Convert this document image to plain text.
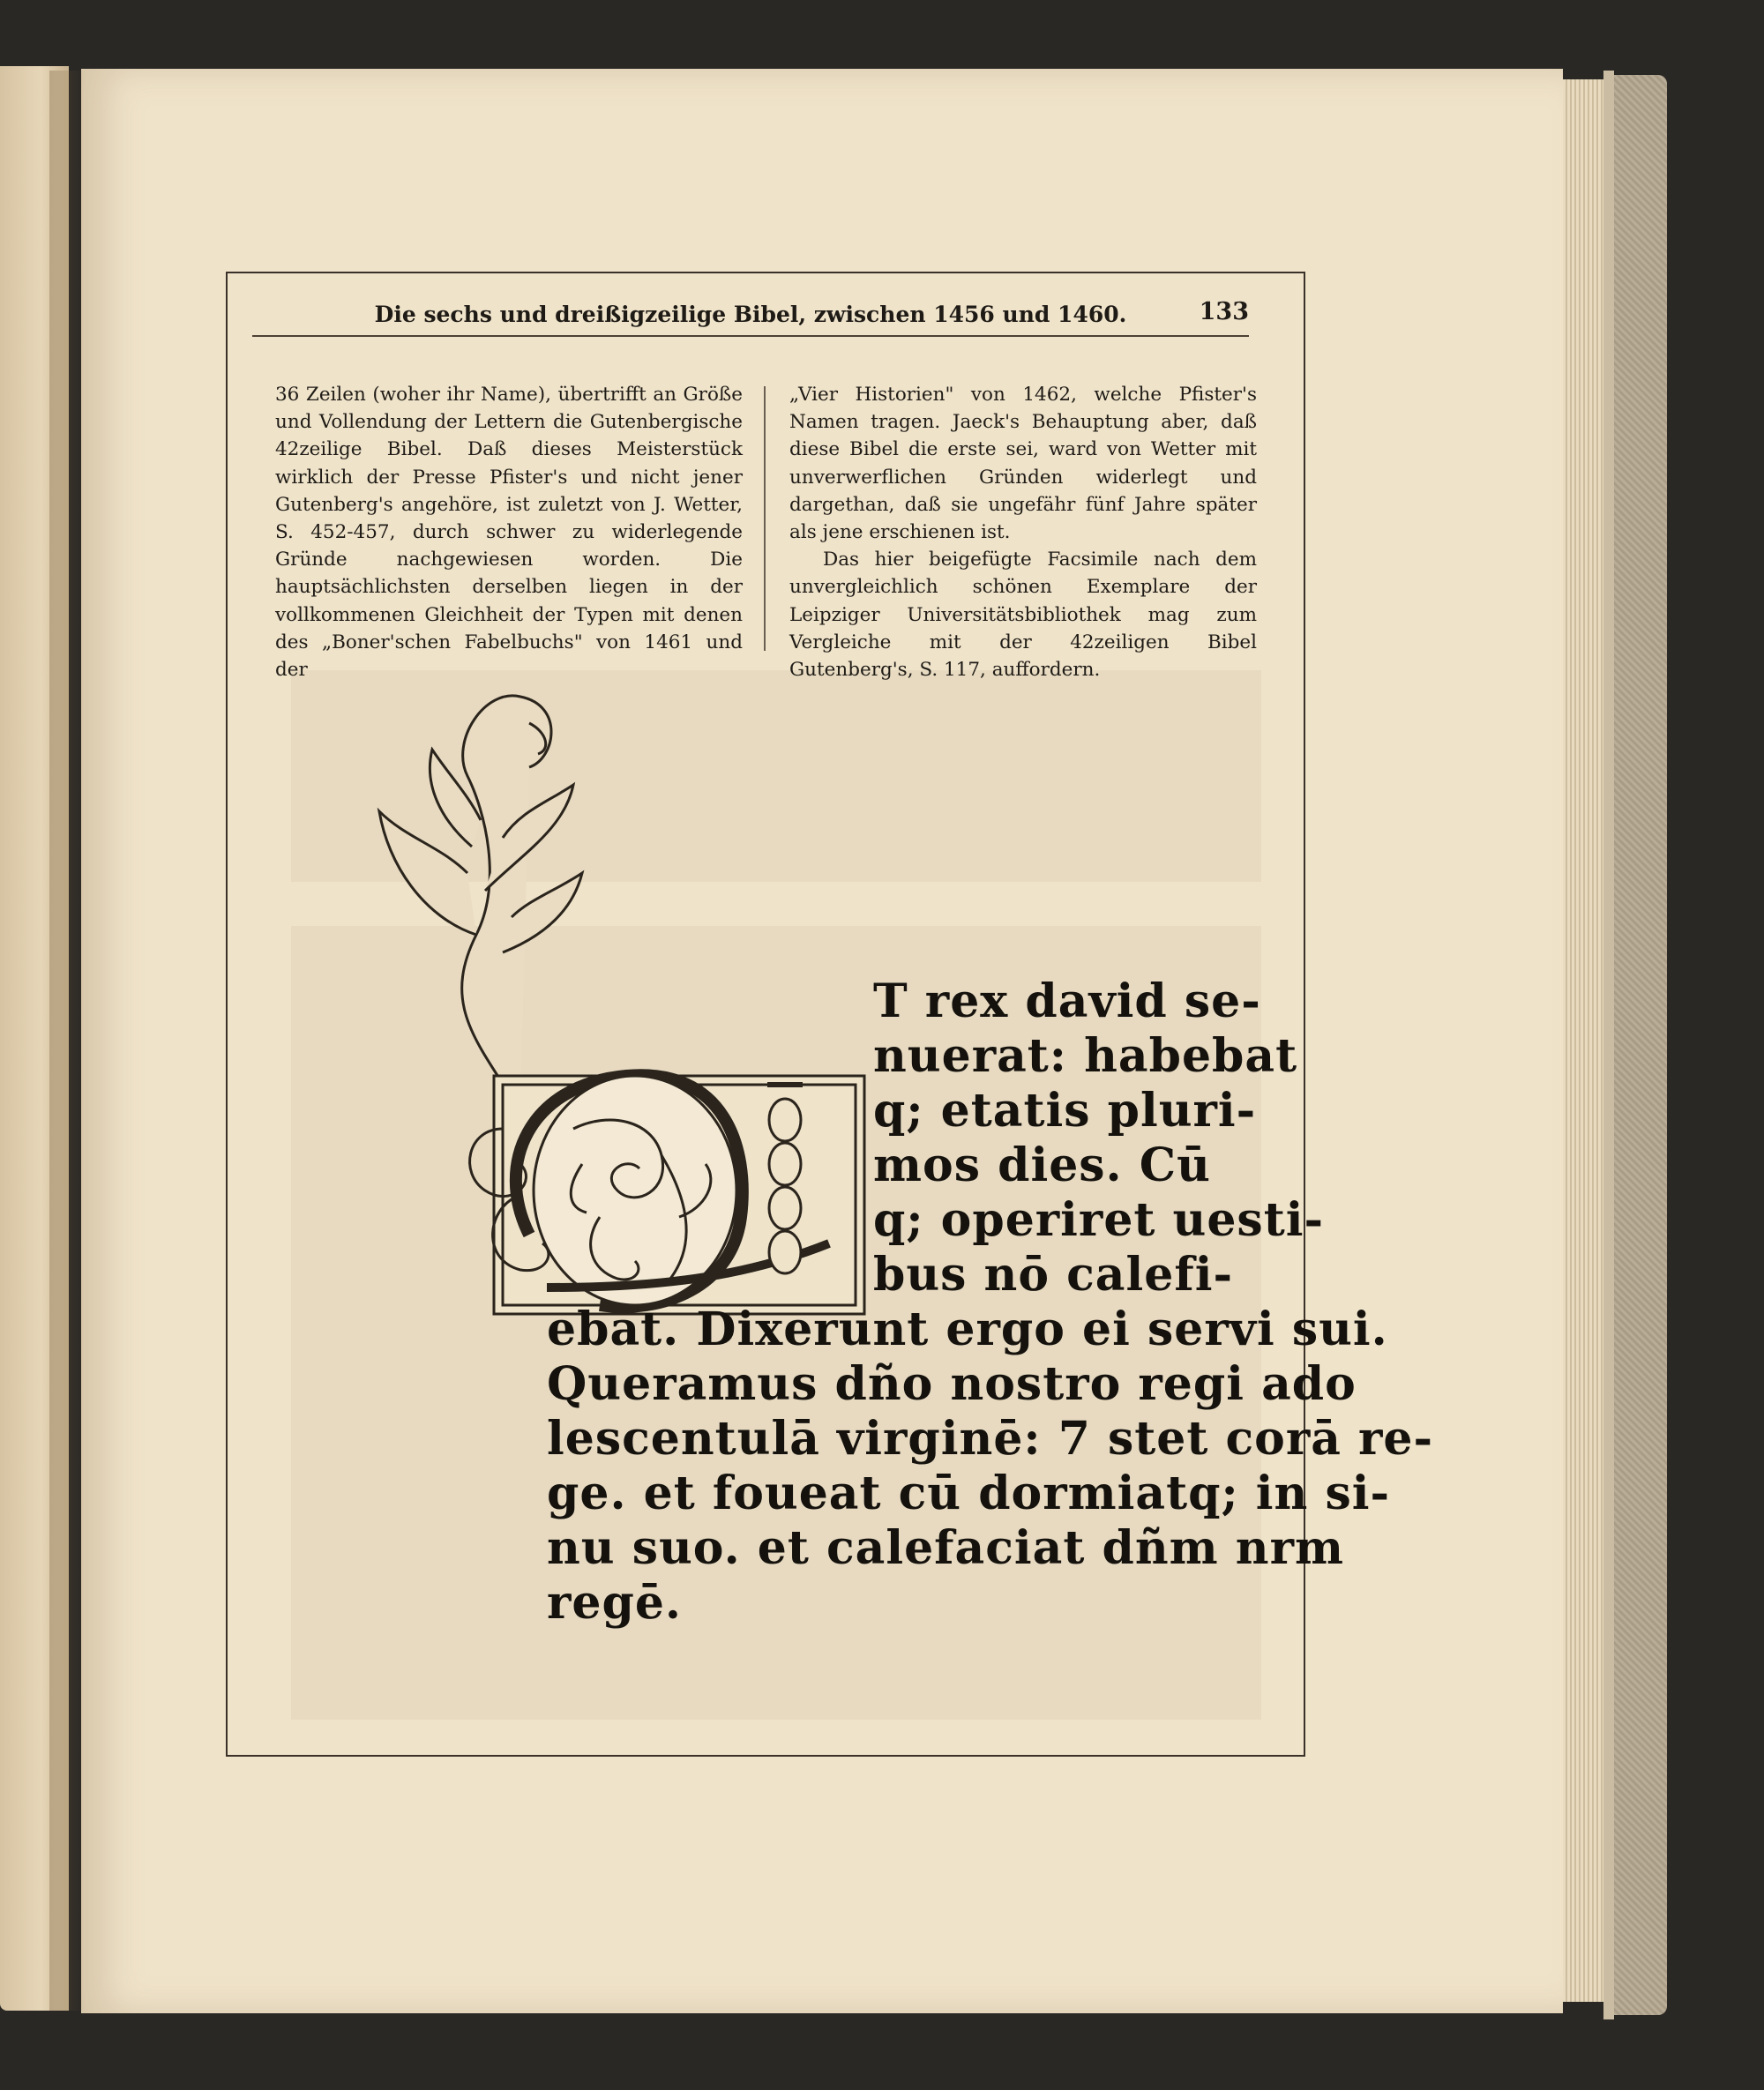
Die sechs und dreißigzeilige Bibel, zwischen 1456 und 1460.	133

36 Zeilen (woher ihr Name), übertrifft an Größe und Vollendung der Lettern die Gutenbergische 42zeilige Bibel. Daß dieses Meisterstück wirklich der Presse Pfister's und nicht jener Gutenberg's angehöre, ist zuletzt von J. Wetter, S. 452-457, durch schwer zu widerlegende Gründe nachgewiesen worden. Die hauptsächlichsten derselben liegen in der vollkommenen Gleichheit der Typen mit denen des „Boner'schen Fabelbuchs" von 1461 und der

„Vier Historien" von 1462, welche Pfister's Namen tragen. Jaeck's Behauptung aber, daß diese Bibel die erste sei, ward von Wetter mit unverwerflichen Gründen widerlegt und dargethan, daß sie ungefähr fünf Jahre später als jene erschienen ist.

Das hier beigefügte Facsimile nach dem unvergleichlich schönen Exemplare der Leipziger Universitätsbibliothek mag zum Vergleiche mit der 42zeiligen Bibel Gutenberg's, S. 117, auffordern.

T rex david se-
nuerat: habebat
q; etatis pluri-
mos dies. Cū
q; operiret uesti-
bus nō calefi-
ebat. Dixerunt ergo ei servi sui.
Queramus dño nostro regi ado
lescentulā virginē: 7 stet corā re-
ge. et foueat cū dormiatq; in si-
nu suo. et calefaciat dñm nrm
regē.
